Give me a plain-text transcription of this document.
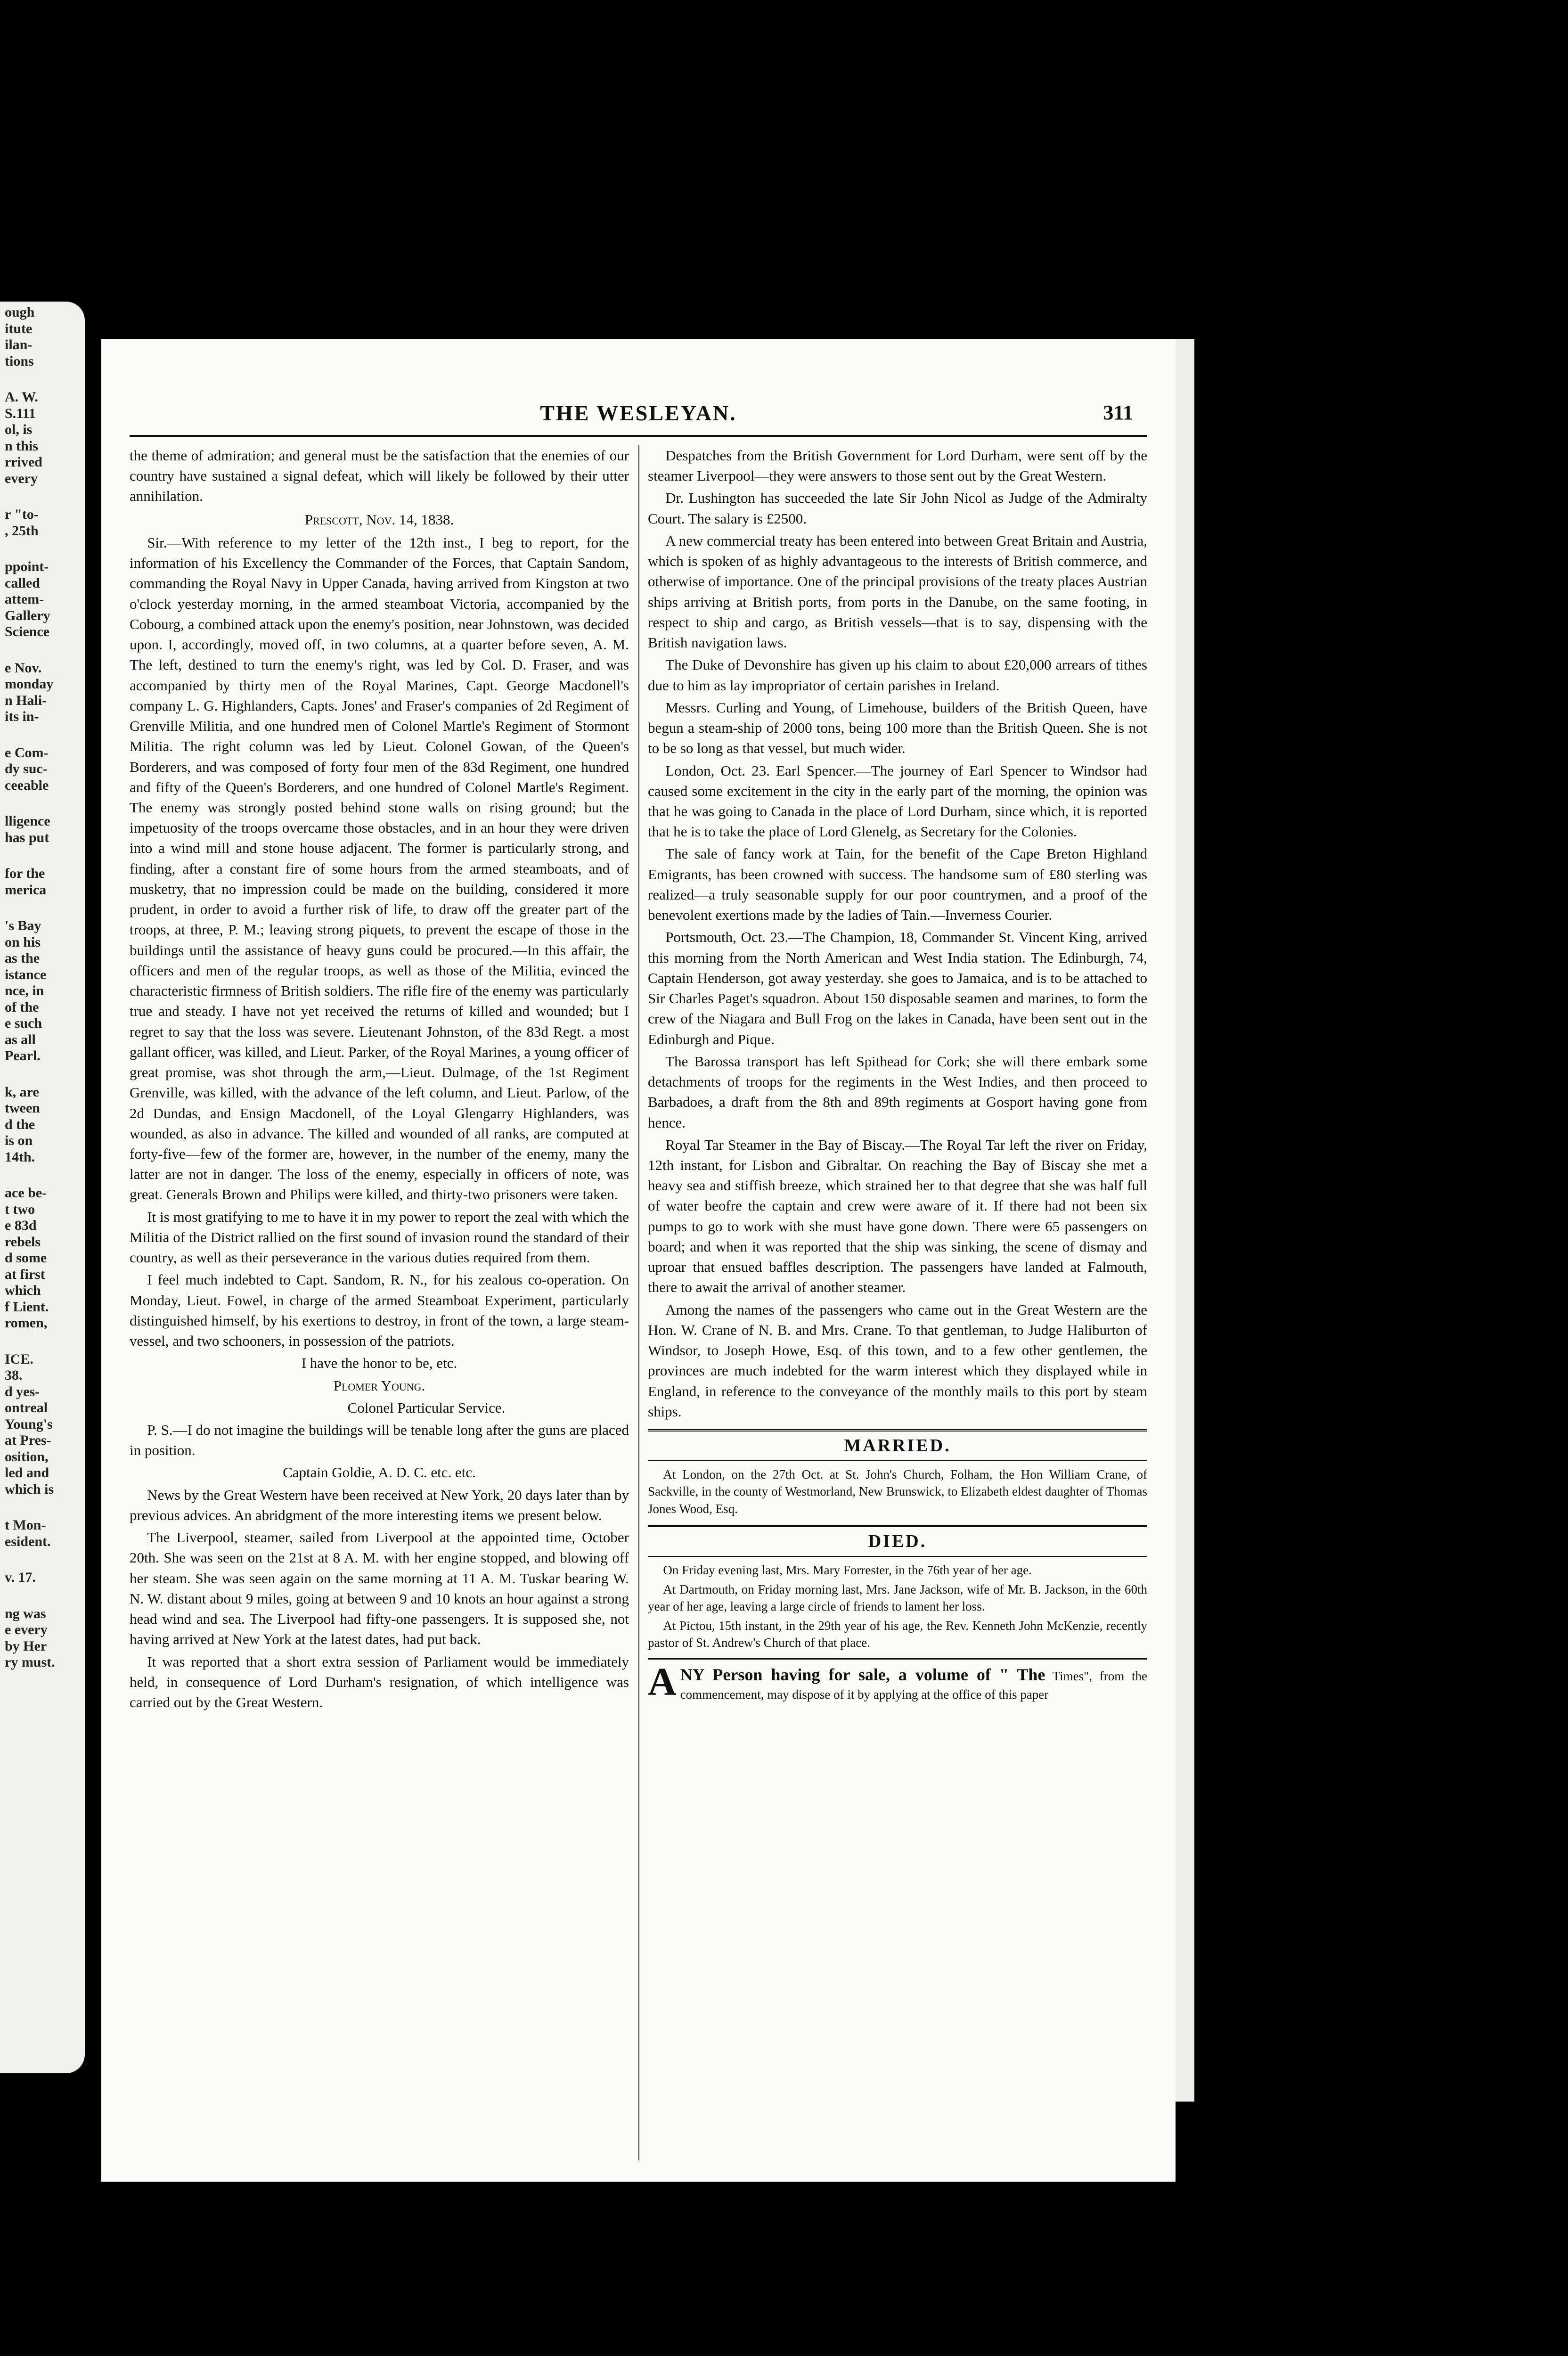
ough
itute
ilan-
tions
A. W.
S.111
ol, is
n this
rrived
every
r "to-
, 25th
ppoint-
called
attem-
Gallery
Science
e Nov.
monday
n Hali-
its in-
e Com-
dy suc-
ceeable
lligence
has put
for the
merica
's Bay
on his
as the
istance
nce, in
of the
e such
as all
Pearl.
k, are
tween
d the
is on
14th.
ace be-
t two
e 83d
rebels
d some
at first
which
f Lient.
romen,
ICE.
38.
d yes-
ontreal
Young's
at Pres-
osition,
led and
which is
t Mon-
esident.
v. 17.
ng was
e every
by Her
ry must.
THE WESLEYAN.	311

the theme of admiration; and general must be the satisfaction that the enemies of our country have sustained a signal defeat, which will likely be followed by their utter annihilation.

Prescott, Nov. 14, 1838.

Sir.—With reference to my letter of the 12th inst., I beg to report, for the information of his Excellency the Commander of the Forces, that Captain Sandom, commanding the Royal Navy in Upper Canada, having arrived from Kingston at two o'clock yesterday morning, in the armed steamboat Victoria, accompanied by the Cobourg, a combined attack upon the enemy's position, near Johnstown, was decided upon. I, accordingly, moved off, in two columns, at a quarter before seven, A. M. The left, destined to turn the enemy's right, was led by Col. D. Fraser, and was accompanied by thirty men of the Royal Marines, Capt. George Macdonell's company L. G. Highlanders, Capts. Jones' and Fraser's companies of 2d Regiment of Grenville Militia, and one hundred men of Colonel Martle's Regiment of Stormont Militia. The right column was led by Lieut. Colonel Gowan, of the Queen's Borderers, and was composed of forty four men of the 83d Regiment, one hundred and fifty of the Queen's Borderers, and one hundred of Colonel Martle's Regiment. The enemy was strongly posted behind stone walls on rising ground; but the impetuosity of the troops overcame those obstacles, and in an hour they were driven into a wind mill and stone house adjacent. The former is particularly strong, and finding, after a constant fire of some hours from the armed steamboats, and of musketry, that no impression could be made on the building, considered it more prudent, in order to avoid a further risk of life, to draw off the greater part of the troops, at three, P. M.; leaving strong piquets, to prevent the escape of those in the buildings until the assistance of heavy guns could be procured.—In this affair, the officers and men of the regular troops, as well as those of the Militia, evinced the characteristic firmness of British soldiers. The rifle fire of the enemy was particularly true and steady. I have not yet received the returns of killed and wounded; but I regret to say that the loss was severe. Lieutenant Johnston, of the 83d Regt. a most gallant officer, was killed, and Lieut. Parker, of the Royal Marines, a young officer of great promise, was shot through the arm,—Lieut. Dulmage, of the 1st Regiment Grenville, was killed, with the advance of the left column, and Lieut. Parlow, of the 2d Dundas, and Ensign Macdonell, of the Loyal Glengarry Highlanders, was wounded, as also in advance. The killed and wounded of all ranks, are computed at forty-five—few of the former are, however, in the number of the enemy, many the latter are not in danger. The loss of the enemy, especially in officers of note, was great. Generals Brown and Philips were killed, and thirty-two prisoners were taken.

It is most gratifying to me to have it in my power to report the zeal with which the Militia of the District rallied on the first sound of invasion round the standard of their country, as well as their perseverance in the various duties required from them.

I feel much indebted to Capt. Sandom, R. N., for his zealous co-operation. On Monday, Lieut. Fowel, in charge of the armed Steamboat Experiment, particularly distinguished himself, by his exertions to destroy, in front of the town, a large steam-vessel, and two schooners, in possession of the patriots.

I have the honor to be, etc.

Plomer Young.

Colonel Particular Service.

P. S.—I do not imagine the buildings will be tenable long after the guns are placed in position.

Captain Goldie, A. D. C. etc. etc.

News by the Great Western have been received at New York, 20 days later than by previous advices. An abridgment of the more interesting items we present below.

The Liverpool, steamer, sailed from Liverpool at the appointed time, October 20th. She was seen on the 21st at 8 A. M. with her engine stopped, and blowing off her steam. She was seen again on the same morning at 11 A. M. Tuskar bearing W. N. W. distant about 9 miles, going at between 9 and 10 knots an hour against a strong head wind and sea. The Liverpool had fifty-one passengers. It is supposed she, not having arrived at New York at the latest dates, had put back.

It was reported that a short extra session of Parliament would be immediately held, in consequence of Lord Durham's resignation, of which intelligence was carried out by the Great Western.

Despatches from the British Government for Lord Durham, were sent off by the steamer Liverpool—they were answers to those sent out by the Great Western.

Dr. Lushington has succeeded the late Sir John Nicol as Judge of the Admiralty Court. The salary is £2500.

A new commercial treaty has been entered into between Great Britain and Austria, which is spoken of as highly advantageous to the interests of British commerce, and otherwise of importance. One of the principal provisions of the treaty places Austrian ships arriving at British ports, from ports in the Danube, on the same footing, in respect to ship and cargo, as British vessels—that is to say, dispensing with the British navigation laws.

The Duke of Devonshire has given up his claim to about £20,000 arrears of tithes due to him as lay impropriator of certain parishes in Ireland.

Messrs. Curling and Young, of Limehouse, builders of the British Queen, have begun a steam-ship of 2000 tons, being 100 more than the British Queen. She is not to be so long as that vessel, but much wider.

London, Oct. 23. Earl Spencer.—The journey of Earl Spencer to Windsor had caused some excitement in the city in the early part of the morning, the opinion was that he was going to Canada in the place of Lord Durham, since which, it is reported that he is to take the place of Lord Glenelg, as Secretary for the Colonies.

The sale of fancy work at Tain, for the benefit of the Cape Breton Highland Emigrants, has been crowned with success. The handsome sum of £80 sterling was realized—a truly seasonable supply for our poor countrymen, and a proof of the benevolent exertions made by the ladies of Tain.—Inverness Courier.

Portsmouth, Oct. 23.—The Champion, 18, Commander St. Vincent King, arrived this morning from the North American and West India station. The Edinburgh, 74, Captain Henderson, got away yesterday. she goes to Jamaica, and is to be attached to Sir Charles Paget's squadron. About 150 disposable seamen and marines, to form the crew of the Niagara and Bull Frog on the lakes in Canada, have been sent out in the Edinburgh and Pique.

The Barossa transport has left Spithead for Cork; she will there embark some detachments of troops for the regiments in the West Indies, and then proceed to Barbadoes, a draft from the 8th and 89th regiments at Gosport having gone from hence.

Royal Tar Steamer in the Bay of Biscay.—The Royal Tar left the river on Friday, 12th instant, for Lisbon and Gibraltar. On reaching the Bay of Biscay she met a heavy sea and stiffish breeze, which strained her to that degree that she was half full of water beofre the captain and crew were aware of it. If there had not been six pumps to go to work with she must have gone down. There were 65 passengers on board; and when it was reported that the ship was sinking, the scene of dismay and uproar that ensued baffles description. The passengers have landed at Falmouth, there to await the arrival of another steamer.

Among the names of the passengers who came out in the Great Western are the Hon. W. Crane of N. B. and Mrs. Crane. To that gentleman, to Judge Haliburton of Windsor, to Joseph Howe, Esq. of this town, and to a few other gentlemen, the provinces are much indebted for the warm interest which they displayed while in England, in reference to the conveyance of the monthly mails to this port by steam ships.

MARRIED.

At London, on the 27th Oct. at St. John's Church, Folham, the Hon William Crane, of Sackville, in the county of Westmorland, New Brunswick, to Elizabeth eldest daughter of Thomas Jones Wood, Esq.

DIED.

On Friday evening last, Mrs. Mary Forrester, in the 76th year of her age.

At Dartmouth, on Friday morning last, Mrs. Jane Jackson, wife of Mr. B. Jackson, in the 60th year of her age, leaving a large circle of friends to lament her loss.

At Pictou, 15th instant, in the 29th year of his age, the Rev. Kenneth John McKenzie, recently pastor of St. Andrew's Church of that place.

A NY Person having for sale, a volume of " The Times", from the commencement, may dispose of it by applying at the office of this paper
